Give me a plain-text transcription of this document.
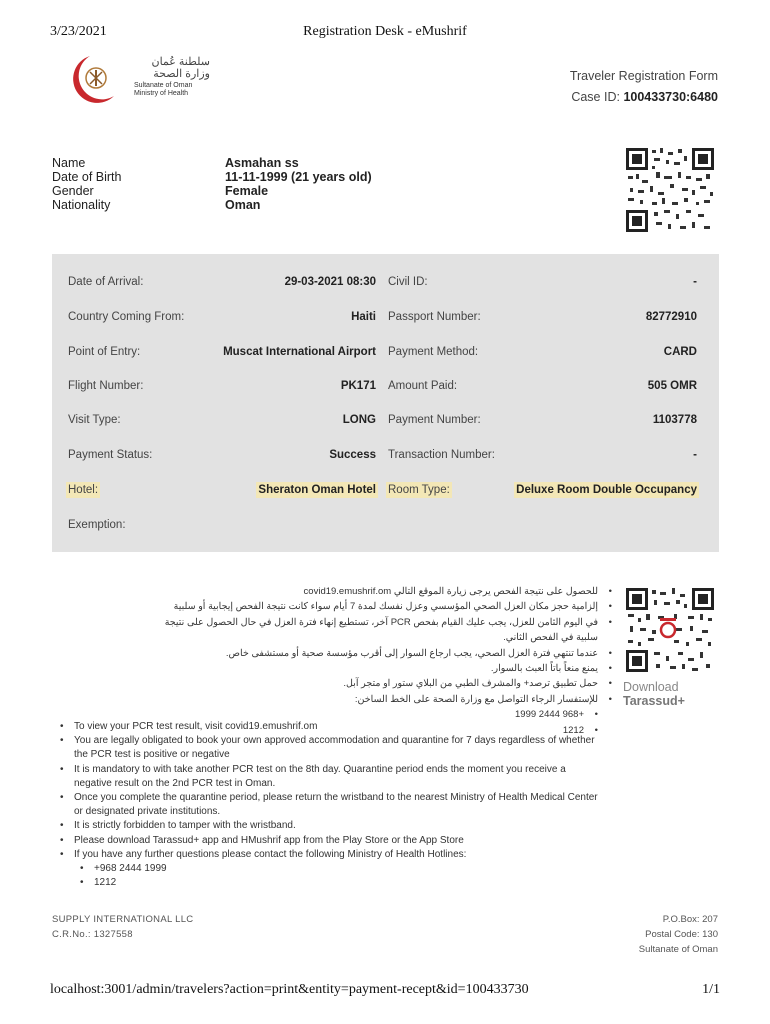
3/23/2021	Registration Desk - eMushrif
سلطنة عُمان
وزارة الصحة
Sultanate of Oman
Ministry of Health
Traveler Registration Form
Case ID: 100433730:6480
Name	Asmahan ss
Date of Birth	11-11-1999 (21 years old)
Gender	Female
Nationality	Oman
Date of Arrival:	29-03-2021 08:30 Civil ID:	-
Country Coming From:	Haiti Passport Number:	82772910
Point of Entry:	Muscat International Airport Payment Method:	CARD
Flight Number:	PK171 Amount Paid:	505 OMR
Visit Type:	LONG Payment Number:	1103778
Payment Status:	Success Transaction Number:	-
Hotel:	Sheraton Oman Hotel Room Type:	Deluxe Room Double Occupancy
Exemption:
• للحصول على نتيجة الفحص يرجى زيارة الموقع التالي covid19.emushrif.om
• إلزامية حجز مكان العزل الصحي المؤسسي وعزل نفسك لمدة 7 أيام سواء كانت نتيجة الفحص إيجابية أو سلبية
• في اليوم الثامن للعزل، يجب عليك القيام بفحص PCR آخر، تستطيع إنهاء فترة العزل في حال الحصول على نتيجة سلبية في الفحص الثاني.
• عندما تنتهي فترة العزل الصحي، يجب ارجاع السوار إلى أقرب مؤسسة صحية أو مستشفى خاص.
• يمنع منعاً باتاً العبث بالسوار.
• حمل تطبيق ترصد+ والمشرف الطبي من البلاي ستور او متجر آبل.
• للإستفسار الرجاء التواصل مع وزارة الصحة على الخط الساخن:
• +968 2444 1999
• 1212
Download
Tarassud+
• To view your PCR test result, visit covid19.emushrif.om
• You are legally obligated to book your own approved accommodation and quarantine for 7 days regardless of whether the PCR test is positive or negative
• It is mandatory to with take another PCR test on the 8th day. Quarantine period ends the moment you receive a negative result on the 2nd PCR test in Oman.
• Once you complete the quarantine period, please return the wristband to the nearest Ministry of Health Medical Center or designated private institutions.
• It is strictly forbidden to tamper with the wristband.
• Please download Tarassud+ app and HMushrif app from the Play Store or the App Store
• If you have any further questions please contact the following Ministry of Health Hotlines:
• +968 2444 1999
• 1212
SUPPLY INTERNATIONAL LLC
C.R.No.: 1327558
P.O.Box: 207
Postal Code: 130
Sultanate of Oman
localhost:3001/admin/travelers?action=print&entity=payment-recept&id=100433730	1/1
